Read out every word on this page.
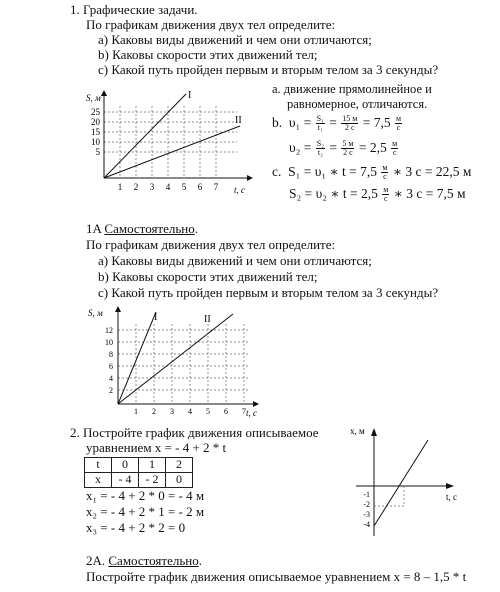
1. Графические задачи.
По графикам движения двух тел определите:
a) Каковы виды движений и чем они отличаются;
b) Каковы скорости этих движений тел;
c) Какой путь пройден первым и вторым телом за 3 секунды?
S, м
t, c
I
II
5
10
15
20
25
1 2 3 4 5 6 7
a. движение прямолинейное и
равномерное, отличаются.
b. $\upsilon_1 = \frac{\text{S₁}}{\text{t₁}} = \frac{15 м}{2 с} = 7,5 \frac{м}{с}$
$\upsilon_2 = \frac{\text{S₂}}{\text{t₂}} = \frac{5 м}{2 с} = 2,5 \frac{м}{с}$
c. S₁ = υ₁ ∗ $t = 7,5 \frac{м}{с}$ ∗ 3 с = 22,5 м
S₂ = υ₂ ∗ $t = 2,5 \frac{м}{с}$ ∗ 3 с = 7,5 м
1A Самостоятельно.
По графикам движения двух тел определите:
a) Каковы виды движений и чем они отличаются;
b) Каковы скорости этих движений тел;
c) Какой путь пройден первым и вторым телом за 3 секунды?
S, м
t, c
I	II
2
4
6
8
10
12
1 2 3 4 5 6 7
2. Постройте график движения описываемое
уравнением x = - 4 + 2 * t
t	0	1	2
x	- 4	- 2	0
x₁ = - 4 + 2 * 0 = - 4 м
x₂ = - 4 + 2 * 1 = - 2 м
x₃ = - 4 + 2 * 2 = 0
x, м
t, c
-1
-2
-3
-4
2A. Самостоятельно.
Постройте график движения описываемое уравнением x = 8 – 1,5 * t
